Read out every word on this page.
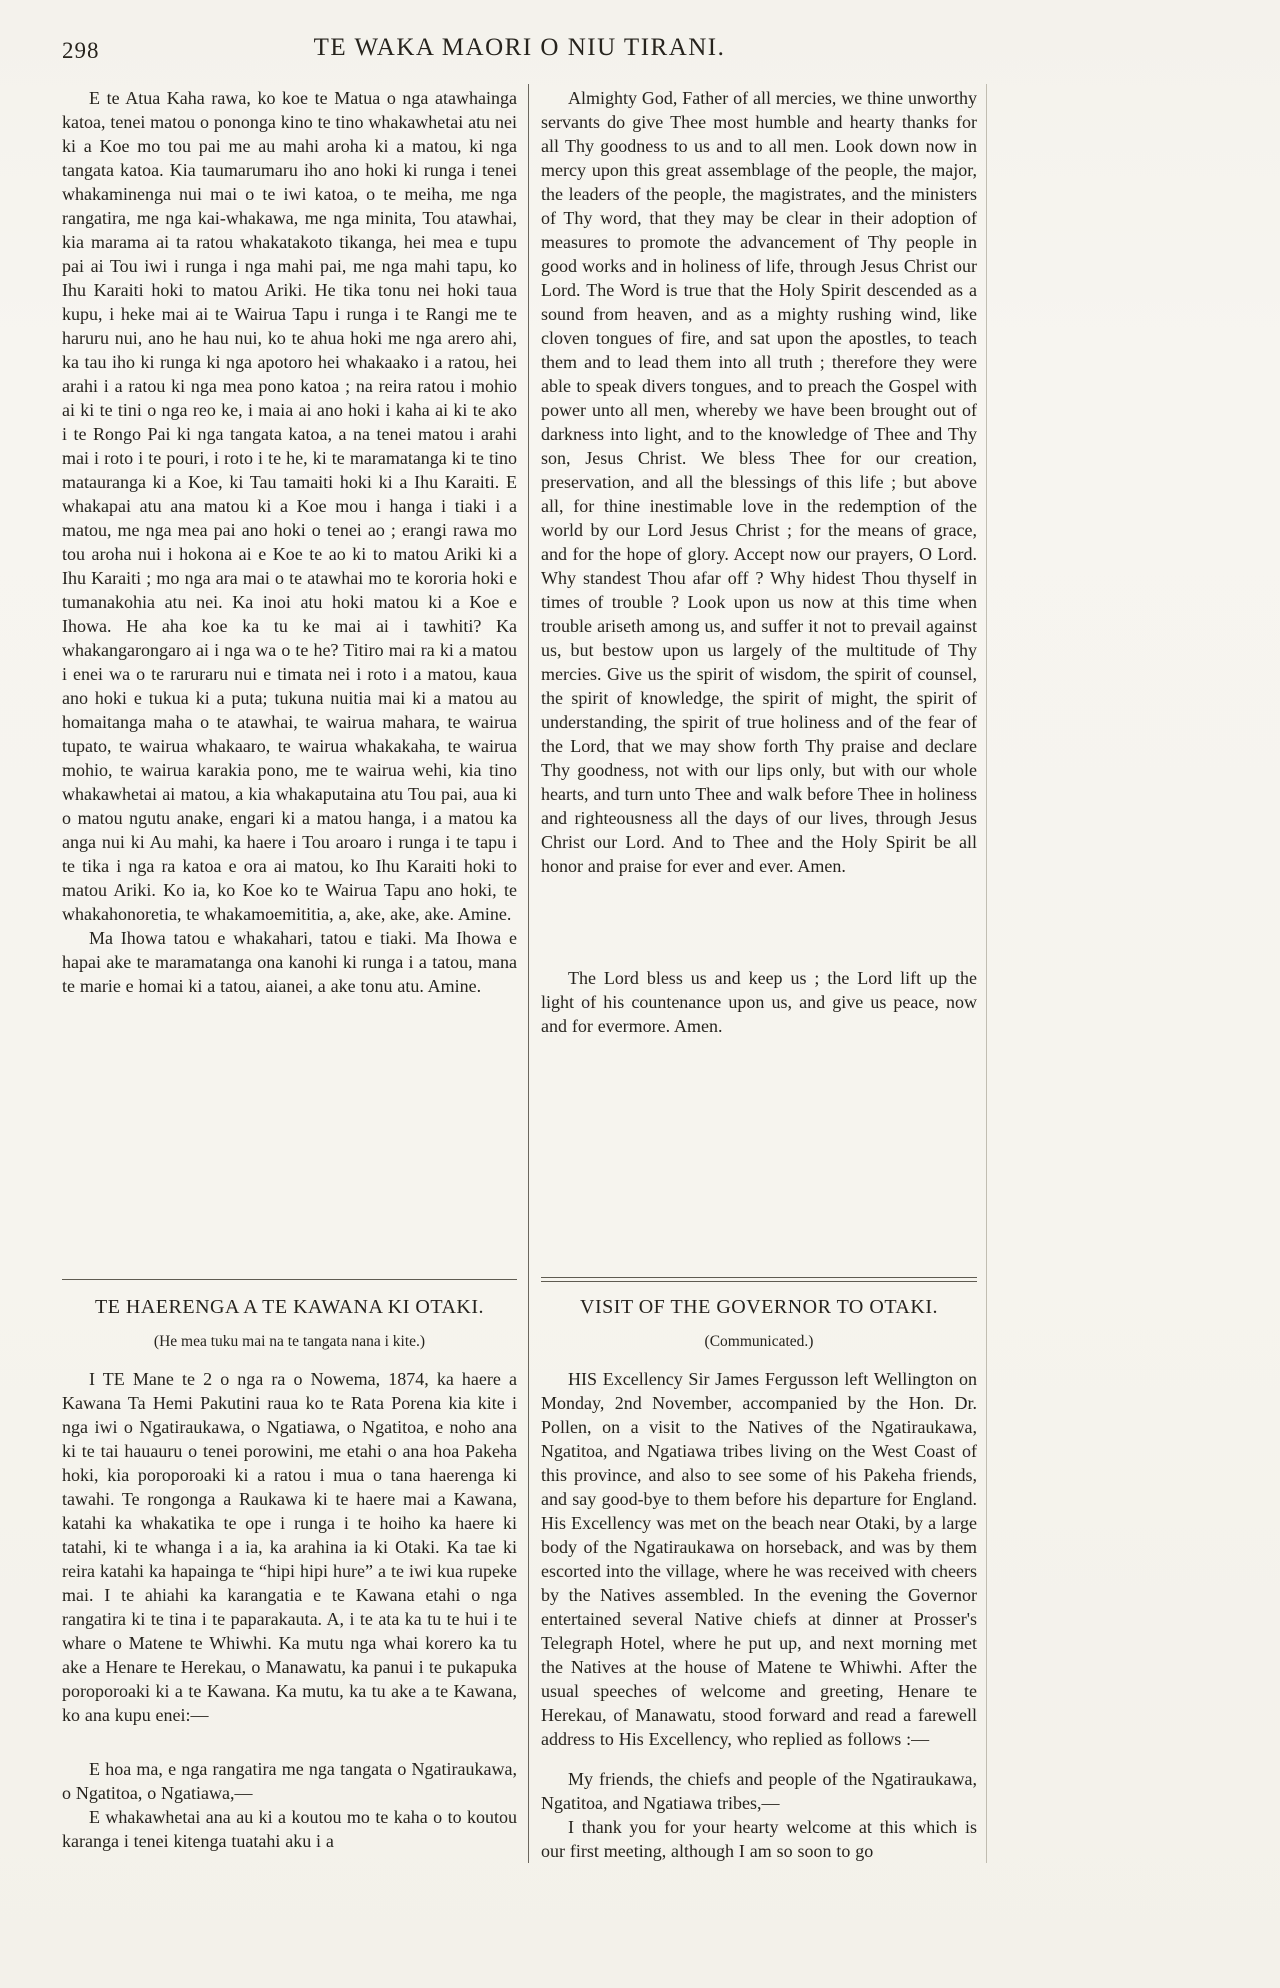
298	TE WAKA MAORI O NIU TIRANI.

E te Atua Kaha rawa, ko koe te Matua o nga atawhainga katoa, tenei matou o pononga kino te tino whakawhetai atu nei ki a Koe mo tou pai me au mahi aroha ki a matou, ki nga tangata katoa. Kia taumarumaru iho ano hoki ki runga i tenei whakaminenga nui mai o te iwi katoa, o te meiha, me nga rangatira, me nga kai-whakawa, me nga minita, Tou atawhai, kia marama ai ta ratou whakatakoto tikanga, hei mea e tupu pai ai Tou iwi i runga i nga mahi pai, me nga mahi tapu, ko Ihu Karaiti hoki to matou Ariki. He tika tonu nei hoki taua kupu, i heke mai ai te Wairua Tapu i runga i te Rangi me te haruru nui, ano he hau nui, ko te ahua hoki me nga arero ahi, ka tau iho ki runga ki nga apotoro hei whakaako i a ratou, hei arahi i a ratou ki nga mea pono katoa ; na reira ratou i mohio ai ki te tini o nga reo ke, i maia ai ano hoki i kaha ai ki te ako i te Rongo Pai ki nga tangata katoa, a na tenei matou i arahi mai i roto i te pouri, i roto i te he, ki te maramatanga ki te tino matauranga ki a Koe, ki Tau tamaiti hoki ki a Ihu Karaiti. E whakapai atu ana matou ki a Koe mou i hanga i tiaki i a matou, me nga mea pai ano hoki o tenei ao ; erangi rawa mo tou aroha nui i hokona ai e Koe te ao ki to matou Ariki ki a Ihu Karaiti ; mo nga ara mai o te atawhai mo te kororia hoki e tumanakohia atu nei. Ka inoi atu hoki matou ki a Koe e Ihowa. He aha koe ka tu ke mai ai i tawhiti? Ka whakangarongaro ai i nga wa o te he? Titiro mai ra ki a matou i enei wa o te raruraru nui e timata nei i roto i a matou, kaua ano hoki e tukua ki a puta; tukuna nuitia mai ki a matou au homaitanga maha o te atawhai, te wairua mahara, te wairua tupato, te wairua whakaaro, te wairua whakakaha, te wairua mohio, te wairua karakia pono, me te wairua wehi, kia tino whakawhetai ai matou, a kia whakaputaina atu Tou pai, aua ki o matou ngutu anake, engari ki a matou hanga, i a matou ka anga nui ki Au mahi, ka haere i Tou aroaro i runga i te tapu i te tika i nga ra katoa e ora ai matou, ko Ihu Karaiti hoki to matou Ariki. Ko ia, ko Koe ko te Wairua Tapu ano hoki, te whakahonoretia, te whakamoemititia, a, ake, ake, ake. Amine.

Ma Ihowa tatou e whakahari, tatou e tiaki. Ma Ihowa e hapai ake te maramatanga ona kanohi ki runga i a tatou, mana te marie e homai ki a tatou, aianei, a ake tonu atu. Amine.

TE HAERENGA A TE KAWANA KI OTAKI.
(He mea tuku mai na te tangata nana i kite.)

I TE Mane te 2 o nga ra o Nowema, 1874, ka haere a Kawana Ta Hemi Pakutini raua ko te Rata Porena kia kite i nga iwi o Ngatiraukawa, o Ngatiawa, o Ngatitoa, e noho ana ki te tai hauauru o tenei porowini, me etahi o ana hoa Pakeha hoki, kia poroporoaki ki a ratou i mua o tana haerenga ki tawahi. Te rongonga a Raukawa ki te haere mai a Kawana, katahi ka whakatika te ope i runga i te hoiho ka haere ki tatahi, ki te whanga i a ia, ka arahina ia ki Otaki. Ka tae ki reira katahi ka hapainga te “hipi hipi hure” a te iwi kua rupeke mai. I te ahiahi ka karangatia e te Kawana etahi o nga rangatira ki te tina i te paparakauta. A, i te ata ka tu te hui i te whare o Matene te Whiwhi. Ka mutu nga whai korero ka tu ake a Henare te Herekau, o Manawatu, ka panui i te pukapuka poroporoaki ki a te Kawana. Ka mutu, ka tu ake a te Kawana, ko ana kupu enei:—

E hoa ma, e nga rangatira me nga tangata o Ngatiraukawa, o Ngatitoa, o Ngatiawa,—

E whakawhetai ana au ki a koutou mo te kaha o to koutou karanga i tenei kitenga tuatahi aku i a

Almighty God, Father of all mercies, we thine unworthy servants do give Thee most humble and hearty thanks for all Thy goodness to us and to all men. Look down now in mercy upon this great assemblage of the people, the major, the leaders of the people, the magistrates, and the ministers of Thy word, that they may be clear in their adoption of measures to promote the advancement of Thy people in good works and in holiness of life, through Jesus Christ our Lord. The Word is true that the Holy Spirit descended as a sound from heaven, and as a mighty rushing wind, like cloven tongues of fire, and sat upon the apostles, to teach them and to lead them into all truth ; therefore they were able to speak divers tongues, and to preach the Gospel with power unto all men, whereby we have been brought out of darkness into light, and to the knowledge of Thee and Thy son, Jesus Christ. We bless Thee for our creation, preservation, and all the blessings of this life ; but above all, for thine inestimable love in the redemption of the world by our Lord Jesus Christ ; for the means of grace, and for the hope of glory. Accept now our prayers, O Lord. Why standest Thou afar off ? Why hidest Thou thyself in times of trouble ? Look upon us now at this time when trouble ariseth among us, and suffer it not to prevail against us, but bestow upon us largely of the multitude of Thy mercies. Give us the spirit of wisdom, the spirit of counsel, the spirit of knowledge, the spirit of might, the spirit of understanding, the spirit of true holiness and of the fear of the Lord, that we may show forth Thy praise and declare Thy goodness, not with our lips only, but with our whole hearts, and turn unto Thee and walk before Thee in holiness and righteousness all the days of our lives, through Jesus Christ our Lord. And to Thee and the Holy Spirit be all honor and praise for ever and ever. Amen.

The Lord bless us and keep us ; the Lord lift up the light of his countenance upon us, and give us peace, now and for evermore. Amen.

VISIT OF THE GOVERNOR TO OTAKI.
(Communicated.)

HIS Excellency Sir James Fergusson left Wellington on Monday, 2nd November, accompanied by the Hon. Dr. Pollen, on a visit to the Natives of the Ngatiraukawa, Ngatitoa, and Ngatiawa tribes living on the West Coast of this province, and also to see some of his Pakeha friends, and say good-bye to them before his departure for England. His Excellency was met on the beach near Otaki, by a large body of the Ngatiraukawa on horseback, and was by them escorted into the village, where he was received with cheers by the Natives assembled. In the evening the Governor entertained several Native chiefs at dinner at Prosser's Telegraph Hotel, where he put up, and next morning met the Natives at the house of Matene te Whiwhi. After the usual speeches of welcome and greeting, Henare te Herekau, of Manawatu, stood forward and read a farewell address to His Excellency, who replied as follows :—

My friends, the chiefs and people of the Ngatiraukawa, Ngatitoa, and Ngatiawa tribes,—

I thank you for your hearty welcome at this which is our first meeting, although I am so soon to go
